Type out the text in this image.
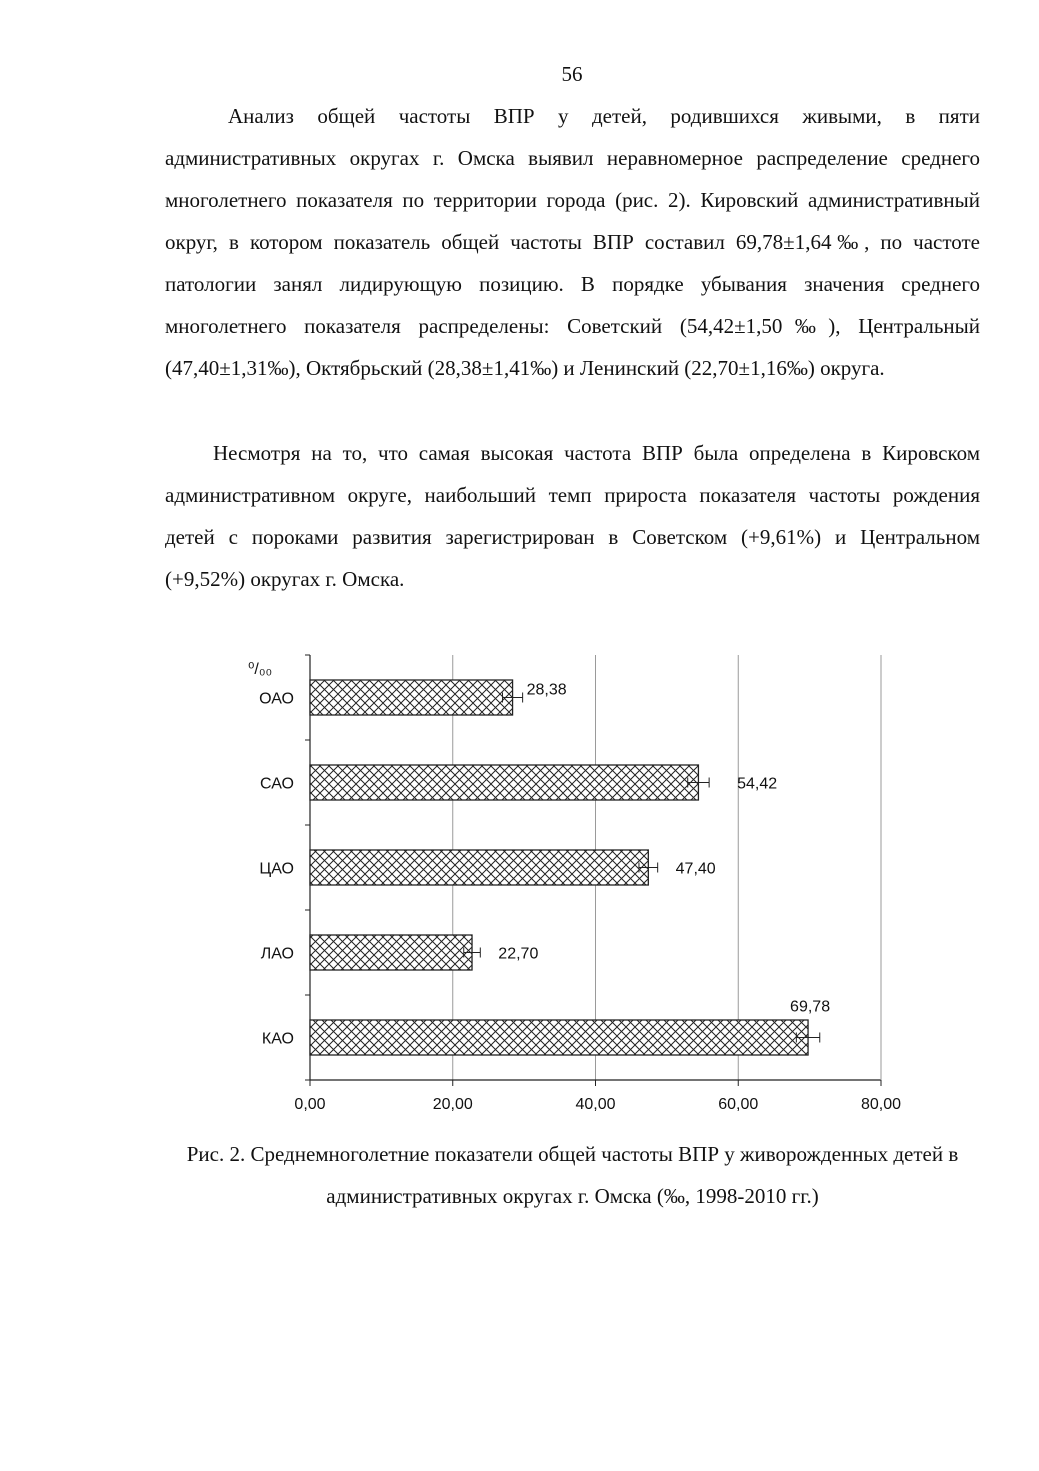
56

Анализ общей частоты ВПР у детей, родившихся живыми, в пяти административных округах г. Омска выявил неравномерное распределение среднего многолетнего показателя по территории города (рис. 2). Кировский административный округ, в котором показатель общей частоты ВПР составил 69,78±1,64‰, по частоте патологии занял лидирующую позицию. В порядке убывания значения среднего многолетнего показателя распределены: Советский (54,42±1,50‰), Центральный (47,40±1,31‰), Октябрьский (28,38±1,41‰) и Ленинский (22,70±1,16‰) округа.

Несмотря на то, что самая высокая частота ВПР была определена в Кировском административном округе, наибольший темп прироста показателя частоты рождения детей с пороками развития зарегистрирован в Советском (+9,61%) и Центральном (+9,52%) округах г. Омска.

0,00	20,00	40,00	60,00	80,00
⁰/₀₀
ОАО
28,38
САО	54,42
ЦАО	47,40
ЛАО	22,70
КАО
69,78

Рис. 2. Среднемноголетние показатели общей частоты ВПР у живорожденных детей в административных округах г. Омска (‰, 1998-2010 гг.)
